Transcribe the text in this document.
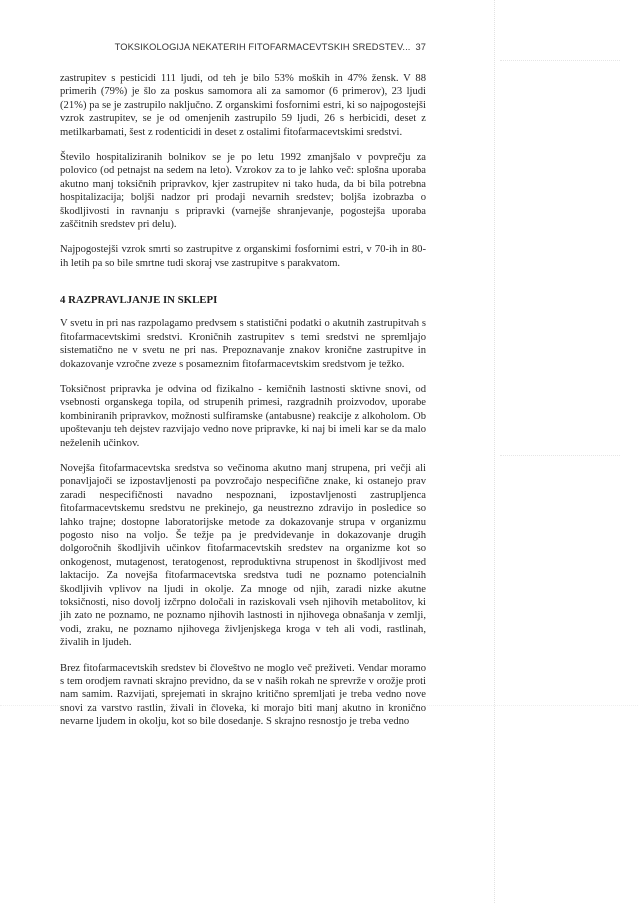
TOKSIKOLOGIJA NEKATERIH FITOFARMACEVTSKIH SREDSTEV... 37

zastrupitev s pesticidi 111 ljudi, od teh je bilo 53% moških in 47% žensk. V 88 primerih (79%) je šlo za poskus samomora ali za samomor (6 primerov), 23 ljudi (21%) pa se je zastrupilo naključno. Z organskimi fosfornimi estri, ki so najpogostejši vzrok zastrupitev, se je od omenjenih zastrupilo 59 ljudi, 26 s herbicidi, deset z metilkarbamati, šest z rodenticidi in deset z ostalimi fitofarmacevtskimi sredstvi.

Število hospitaliziranih bolnikov se je po letu 1992 zmanjšalo v povprečju za polovico (od petnajst na sedem na leto). Vzrokov za to je lahko več: splošna uporaba akutno manj toksičnih pripravkov, kjer zastrupitev ni tako huda, da bi bila potrebna hospitalizacija; boljši nadzor pri prodaji nevarnih sredstev; boljša izobrazba o škodljivosti in ravnanju s pripravki (varnejše shranjevanje, pogostejša uporaba zaščitnih sredstev pri delu).

Najpogostejši vzrok smrti so zastrupitve z organskimi fosfornimi estri, v 70-ih in 80-ih letih pa so bile smrtne tudi skoraj vse zastrupitve s parakvatom.

4 RAZPRAVLJANJE IN SKLEPI

V svetu in pri nas razpolagamo predvsem s statistični podatki o akutnih zastrupitvah s fitofarmacevtskimi sredstvi. Kroničnih zastrupitev s temi sredstvi ne spremljajo sistematično ne v svetu ne pri nas. Prepoznavanje znakov kronične zastrupitve in dokazovanje vzročne zveze s posameznim fitofarmacevtskim sredstvom je težko.

Toksičnost pripravka je odvina od fizikalno - kemičnih lastnosti sktivne snovi, od vsebnosti organskega topila, od strupenih primesi, razgradnih proizvodov, uporabe kombiniranih pripravkov, možnosti sulfiramske (antabusne) reakcije z alkoholom. Ob upoštevanju teh dejstev razvijajo vedno nove pripravke, ki naj bi imeli kar se da malo neželenih učinkov.

Novejša fitofarmacevtska sredstva so večinoma akutno manj strupena, pri večji ali ponavljajoči se izpostavljenosti pa povzročajo nespecifične znake, ki ostanejo prav zaradi nespecifičnosti navadno nespoznani, izpostavljenosti zastrupljenca fitofarmacevtskemu sredstvu ne prekinejo, ga neustrezno zdravijo in posledice so lahko trajne; dostopne laboratorijske metode za dokazovanje strupa v organizmu pogosto niso na voljo. Še težje pa je predvidevanje in dokazovanje drugih dolgoročnih škodljivih učinkov fitofarmacevtskih sredstev na organizme kot so onkogenost, mutagenost, teratogenost, reproduktivna strupenost in škodljivost med laktacijo. Za novejša fitofarmacevtska sredstva tudi ne poznamo potencialnih škodljivih vplivov na ljudi in okolje. Za mnoge od njih, zaradi nizke akutne toksičnosti, niso dovolj izčrpno določali in raziskovali vseh njihovih metabolitov, ki jih zato ne poznamo, ne poznamo njihovih lastnosti in njihovega obnašanja v zemlji, vodi, zraku, ne poznamo njihovega življenjskega kroga v teh ali vodi, rastlinah, živalih in ljudeh.

Brez fitofarmacevtskih sredstev bi človeštvo ne moglo več preživeti. Vendar moramo s tem orodjem ravnati skrajno previdno, da se v naših rokah ne sprevrže v orožje proti nam samim. Razvijati, sprejemati in skrajno kritično spremljati je treba vedno nove snovi za varstvo rastlin, živali in človeka, ki morajo biti manj akutno in kronično nevarne ljudem in okolju, kot so bile dosedanje. S skrajno resnostjo je treba vedno
